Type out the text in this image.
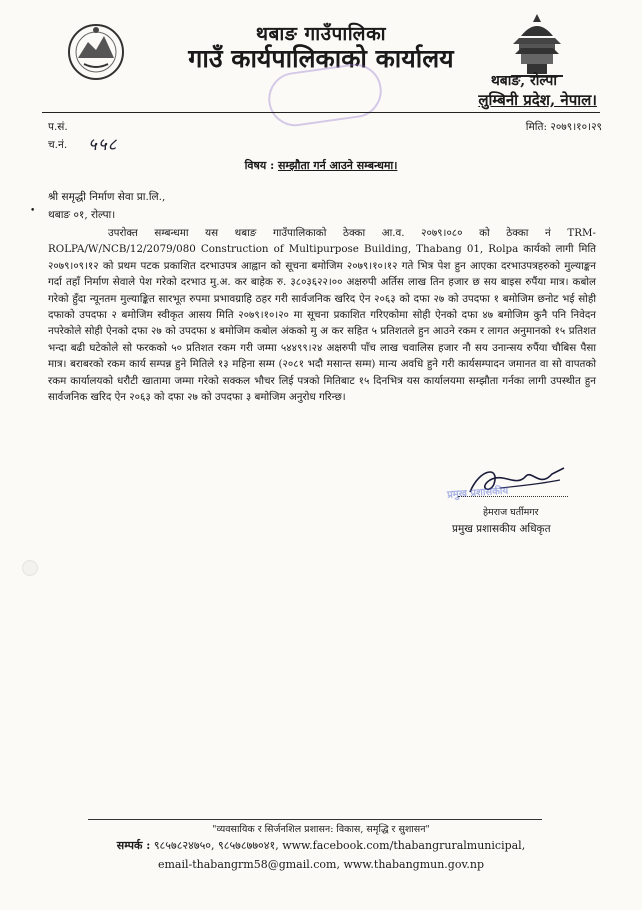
थबाङ गाउँपालिका
गाउँ कार्यपालिकाको कार्यालय
थबाङ, रोल्पा
लुम्बिनी प्रदेश, नेपाल।
प.सं.
च.नं. ५५८
मिति: २०७९।१०।२९
विषय : सम्झौता गर्न आउने सम्बन्धमा।
श्री समृद्धी निर्माण सेवा प्रा.लि.,
• थबाङ ०१, रोल्पा।

उपरोक्त सम्बन्धमा यस थबाङ गाउँपालिकाको ठेक्का आ.व. २०७९।०८० को ठेक्का नं TRM-ROLPA/W/NCB/12/2079/080 Construction of Multipurpose Building, Thabang 01, Rolpa कार्यको लागी मिति २०७९।०९।१२ को प्रथम पटक प्रकाशित दरभाउपत्र आह्वान को सूचना बमोजिम २०७९।१०।१२ गते भित्र पेश हुन आएका दरभाउपत्रहरुको मुल्याङ्कन गर्दा तहाँ निर्माण सेवाले पेश गरेको दरभाउ मु.अ. कर बाहेक रु. ३८०३६२२।०० अक्षरुपी अर्तिस लाख तिन हजार छ सय बाइस रुपैंया मात्र। कबोल गरेको हुँदा न्यूनतम मुल्याङ्कित सारभूत रुपमा प्रभावग्राहि ठहर गरी सार्वजनिक खरिद ऐन २०६३ को दफा २७ को उपदफा १ बमोजिम छनोट भई सोही दफाको उपदफा २ बमोजिम स्वीकृत आसय मिति २०७९।१०।२० मा सूचना प्रकाशित गरिएकोमा सोही ऐनको दफा ४७ बमोजिम कुनै पनि निवेदन नपरेकोले सोही ऐनको दफा २७ को उपदफा ४ बमोजिम कबोल अंकको मु अ कर सहित ५ प्रतिशतले हुन आउने रकम र लागत अनुमानको १५ प्रतिशत भन्दा बढी घटेकोले सो फरकको ५० प्रतिशत रकम गरी जम्मा ५४४९९।२४ अक्षरुपी पाँच लाख चवालिस हजार नौ सय उनान्सय रुपैंया चौबिस पैसा मात्र। बराबरको रकम कार्य सम्पन्न हुने मितिले १३ महिना सम्म (२०८१ भदौ मसान्त सम्म) मान्य अवधि हुने गरी कार्यसम्पादन जमानत वा सो वापतको रकम कार्यालयको धरौटी खातामा जम्मा गरेको सक्कल भौचर लिई पत्रको मितिबाट १५ दिनभित्र यस कार्यालयमा सम्झौता गर्नका लागी उपस्थीत हुन सार्वजनिक खरिद ऐन २०६३ को दफा २७ को उपदफा ३ बमोजिम अनुरोध गरिन्छ।

प्रमुख प्रशासकीय
हेमराज घर्तीमगर
प्रमुख प्रशासकीय अधिकृत
"व्यवसायिक र सिर्जनशिल प्रशासन: विकास, समृद्धि र सुशासन"
सम्पर्क : ९८५७८२४७५०, ९८५७८७७०४१, www.facebook.com/thabangruralmunicipal,
email-thabangrm58@gmail.com, www.thabangmun.gov.np
